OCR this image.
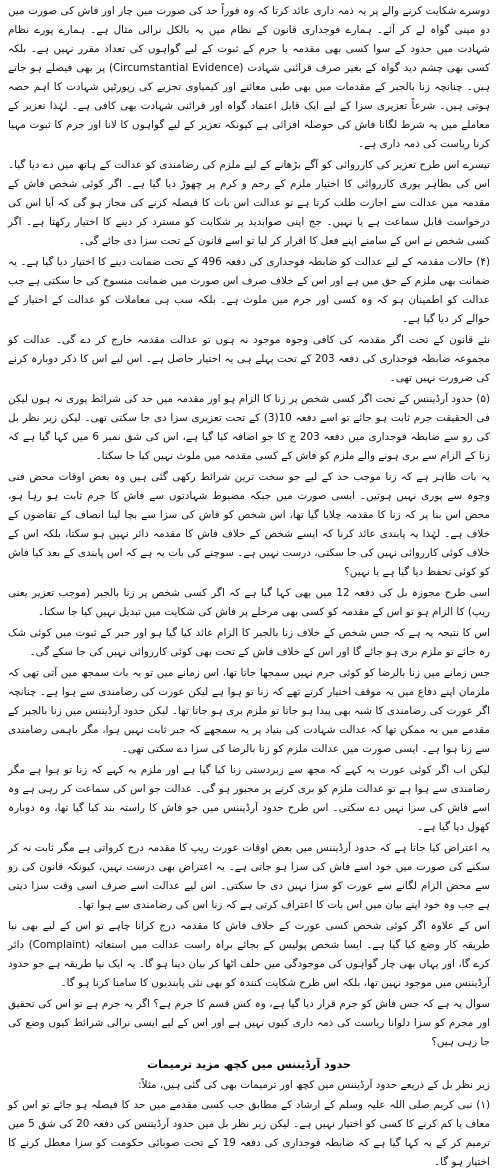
دوسرے شکایت کرنے والے پر یہ ذمہ داری عائد کرتا کہ وہ فوراً حد کی صورت میں چار اور فاش کی صورت میں دو مینی گواہ لے کر آئے۔ ہمارے فوجداری قانون کے نظام میں یہ بالکل نرالی مثال ہے۔ ہمارے پورے نظام شہادت میں حدود کے سوا کسی بھی مقدمہ یا جرم کے ثبوت کے لیے گواہوں کی تعداد مقرر نہیں ہے۔ بلکہ کسی بھی چشم دید گواہ کے بغیر صرف قرائنی شہادت (Circumstantial Evidence) پر بھی فیصلے ہو جاتے ہیں۔ چنانچہ زنا بالجبر کے مقدمات میں بھی طبی معائنے اور کیمیاوی تجزیے کی رپورٹیں شہادت کا اہم حصہ ہوتی ہیں۔ شرعاً تعزیری سزا کے لیے ایک قابل اعتماد گواہ اور قرائنی شہادت بھی کافی ہے۔ لہٰذا تعزیر کے معاملے میں یہ شرط لگانا فاش کی حوصلہ افزائی ہے کیونکہ تعزیر کے لیے گواہوں کا لانا اور جرم کا ثبوت مہیا کرنا ریاست کی ذمہ داری ہے۔

تیسرے اس طرح تعزیر کی کارروائی کو آگے بڑھانے کے لیے ملزم کی رضامندی کو عدالت کے ہاتھ میں دے دیا گیا۔ اس کی بظاہر پوری کارروائی کا اختیار ملزم کے رحم و کرم پر چھوڑ دیا گیا ہے۔ اگر کوئی شخص فاش کے مقدمہ میں عدالت سے اجازت طلب کرتا ہے تو عدالت اس بات کا فیصلہ کرنے کی مجاز ہو گی کہ آیا اس کی درخواست قابل سماعت ہے یا نہیں۔ جج اپنی صوابدید پر شکایت کو مسترد کر دینے کا اختیار رکھتا ہے۔ اگر کسی شخص نے اس کے سامنے اپنے فعل کا اقرار کر لیا تو اسے قانون کے تحت سزا دی جائے گی۔

(۴) حالات مقدمہ کے لیے عدالت کو ضابطہ فوجداری کی دفعہ 496 کے تحت ضمانت دینے کا اختیار دیا گیا ہے۔ یہ ضمانت بھی ملزم کے حق میں ہے اور اس کے خلاف صرف اس صورت میں ضمانت منسوخ کی جا سکتی ہے جب عدالت کو اطمینان ہو کہ وہ کسی اور جرم میں ملوث ہے۔ بلکہ سب ہی معاملات کو عدالت کے اختیار کے حوالے کر دیا گیا ہے۔

نئے قانون کے تحت اگر مقدمہ کی کافی وجوہ موجود نہ ہوں تو عدالت مقدمہ خارج کر دے گی۔ عدالت کو مجموعہ ضابطہ فوجداری کی دفعہ 203 کے تحت پہلے ہی یہ اختیار حاصل ہے۔ اس لیے اس کا ذکر دوبارہ کرنے کی ضرورت نہیں تھی۔

(۵) حدود آرڈیننس کے تحت اگر کسی شخص پر زنا کا الزام ہو اور مقدمہ میں حد کی شرائط پوری نہ ہوں لیکن فی الحقیقت جرم ثابت ہو جائے تو اسے دفعہ 10(3) کے تحت تعزیری سزا دی جا سکتی تھی۔ لیکن زیر نظر بل کی رو سے ضابطہ فوجداری میں دفعہ 203 ج کا جو اضافہ کیا گیا ہے، اس کی شق نمبر 6 میں کہا گیا ہے کہ زنا کے الزام سے بری ہونے والے ملزم کو فاش کے کسی مقدمہ میں ملوث نہیں کیا جا سکتا۔

یہ بات ظاہر ہے کہ زنا موجب حد کے لیے جو سخت ترین شرائط رکھی گئی ہیں وہ بعض اوقات محض فنی وجوہ سے پوری نہیں ہوتیں۔ ایسی صورت میں جبکہ مضبوط شہادتوں سے فاش کا جرم ثابت ہو رہا ہو، محض اس بنا پر کہ زنا کا مقدمہ چلایا گیا تھا، اس شخص کو فاش کی سزا سے بچا لینا انصاف کے تقاضوں کے خلاف ہے۔ لہٰذا یہ پابندی عائد کرنا کہ ایسے شخص کے خلاف فاش کا مقدمہ دائر نہیں ہو سکتا، بلکہ اس کے خلاف کوئی کارروائی نہیں کی جا سکتی، درست نہیں ہے۔ سوچنے کی بات یہ ہے کہ اس پابندی کے بعد کیا فاش کو کوئی تحفظ دیا گیا ہے یا نہیں؟

اسی طرح مجوزہ بل کی دفعہ 12 میں بھی کہا گیا ہے کہ اگر کسی شخص پر زنا بالجبر (موجب تعزیر یعنی ریپ) کا الزام ہو تو اس کے مقدمہ کو کسی بھی مرحلے پر فاش کی شکایت میں تبدیل نہیں کیا جا سکتا۔

اس کا نتیجہ یہ ہے کہ جس شخص کے خلاف زنا بالجبر کا الزام عائد کیا گیا ہو اور جبر کے ثبوت میں کوئی شک رہ جائے تو ملزم بری ہو جائے گا اور اس کے خلاف فاش کے تحت بھی کوئی کارروائی نہیں کی جا سکے گی۔

جس زمانے میں زنا بالرضا کو کوئی جرم نہیں سمجھا جاتا تھا، اس زمانے میں تو یہ بات سمجھ میں آتی تھی کہ ملزمان اپنے دفاع میں یہ موقف اختیار کرتے تھے کہ زنا تو ہوا ہے لیکن عورت کی رضامندی سے ہوا ہے۔ چنانچہ اگر عورت کی رضامندی کا شبہ بھی پیدا ہو جاتا تو ملزم بری ہو جاتا تھا۔ لیکن حدود آرڈیننس میں زنا بالجبر کے مقدمے میں یہ ممکن تھا کہ عدالت شہادت کی بنیاد پر یہ سمجھے کہ جبر ثابت نہیں ہوا، مگر باہمی رضامندی سے زنا ہوا ہے۔ ایسی صورت میں عدالت ملزم کو زنا بالرضا کی سزا دے سکتی تھی۔

لیکن اب اگر کوئی عورت یہ کہے کہ مجھ سے زبردستی زنا کیا گیا ہے اور ملزم یہ کہے کہ زنا تو ہوا ہے مگر رضامندی سے ہوا ہے تو عدالت ملزم کو بری کرنے پر مجبور ہو گی۔ عدالت جو اس کی سماعت کر رہی ہے وہ اسے فاش کی سزا نہیں دے سکتی۔ اس طرح حدود آرڈیننس میں جو فاش کا راستہ بند کیا گیا تھا، وہ دوبارہ کھول دیا گیا ہے۔

یہ اعتراض کیا جاتا ہے کہ حدود آرڈیننس میں بعض اوقات عورت ریپ کا مقدمہ درج کرواتی ہے مگر ثابت نہ کر سکنے کی صورت میں خود اسے فاش کی سزا ہو جاتی ہے۔ یہ اعتراض بھی درست نہیں، کیونکہ قانون کی رو سے محض الزام لگانے سے عورت کو سزا نہیں دی جا سکتی۔ اس لیے عدالت اسے صرف اسی وقت سزا دیتی ہے جب وہ خود اپنے بیان میں اس بات کا اعتراف کرتی ہے کہ زنا اس کی رضامندی سے ہوا تھا۔

اس کے علاوہ اگر کوئی شخص کسی عورت کے خلاف فاش کا مقدمہ درج کرانا چاہے تو اس کے لیے بھی نیا طریقہ کار وضع کیا گیا ہے۔ ایسا شخص پولیس کے بجائے براہ راست عدالت میں استغاثہ (Complaint) دائر کرے گا، اور یہاں بھی چار گواہوں کی موجودگی میں حلف اٹھا کر بیان دینا ہو گا۔ یہ ایک نیا طریقہ ہے جو حدود آرڈیننس میں موجود نہیں تھا، بلکہ اس طرح شکایت کنندہ کو بھی نئی پابندیوں کا سامنا کرنا ہو گا۔

سوال یہ ہے کہ جس فاش کو جرم قرار دیا گیا ہے، وہ کس قسم کا جرم ہے؟ اگر یہ جرم ہے تو اس کی تحقیق اور مجرم کو سزا دلوانا ریاست کی ذمہ داری کیوں نہیں ہے اور اس کے لیے ایسی نرالی شرائط کیوں وضع کی جا رہی ہیں؟

حدود آرڈیننس میں کچھ مزید ترمیمات

زیر نظر بل کے ذریعے حدود آرڈیننس میں کچھ اور ترمیمات بھی کی گئی ہیں، مثلاً:

(۱) نبی کریم صلی اللہ علیہ وسلم کے ارشاد کے مطابق جب کسی مقدمے میں حد کا فیصلہ ہو جائے تو اس کو معاف یا کم کرنے کا کسی کو اختیار نہیں ہے۔ لیکن زیر نظر بل میں حدود آرڈیننس کی دفعہ 20 کی شق 5 میں ترمیم کر کے یہ کہا گیا ہے کہ ضابطہ فوجداری کی دفعہ 19 کے تحت صوبائی حکومت کو سزا معطل کرنے کا اختیار ہو گا۔
